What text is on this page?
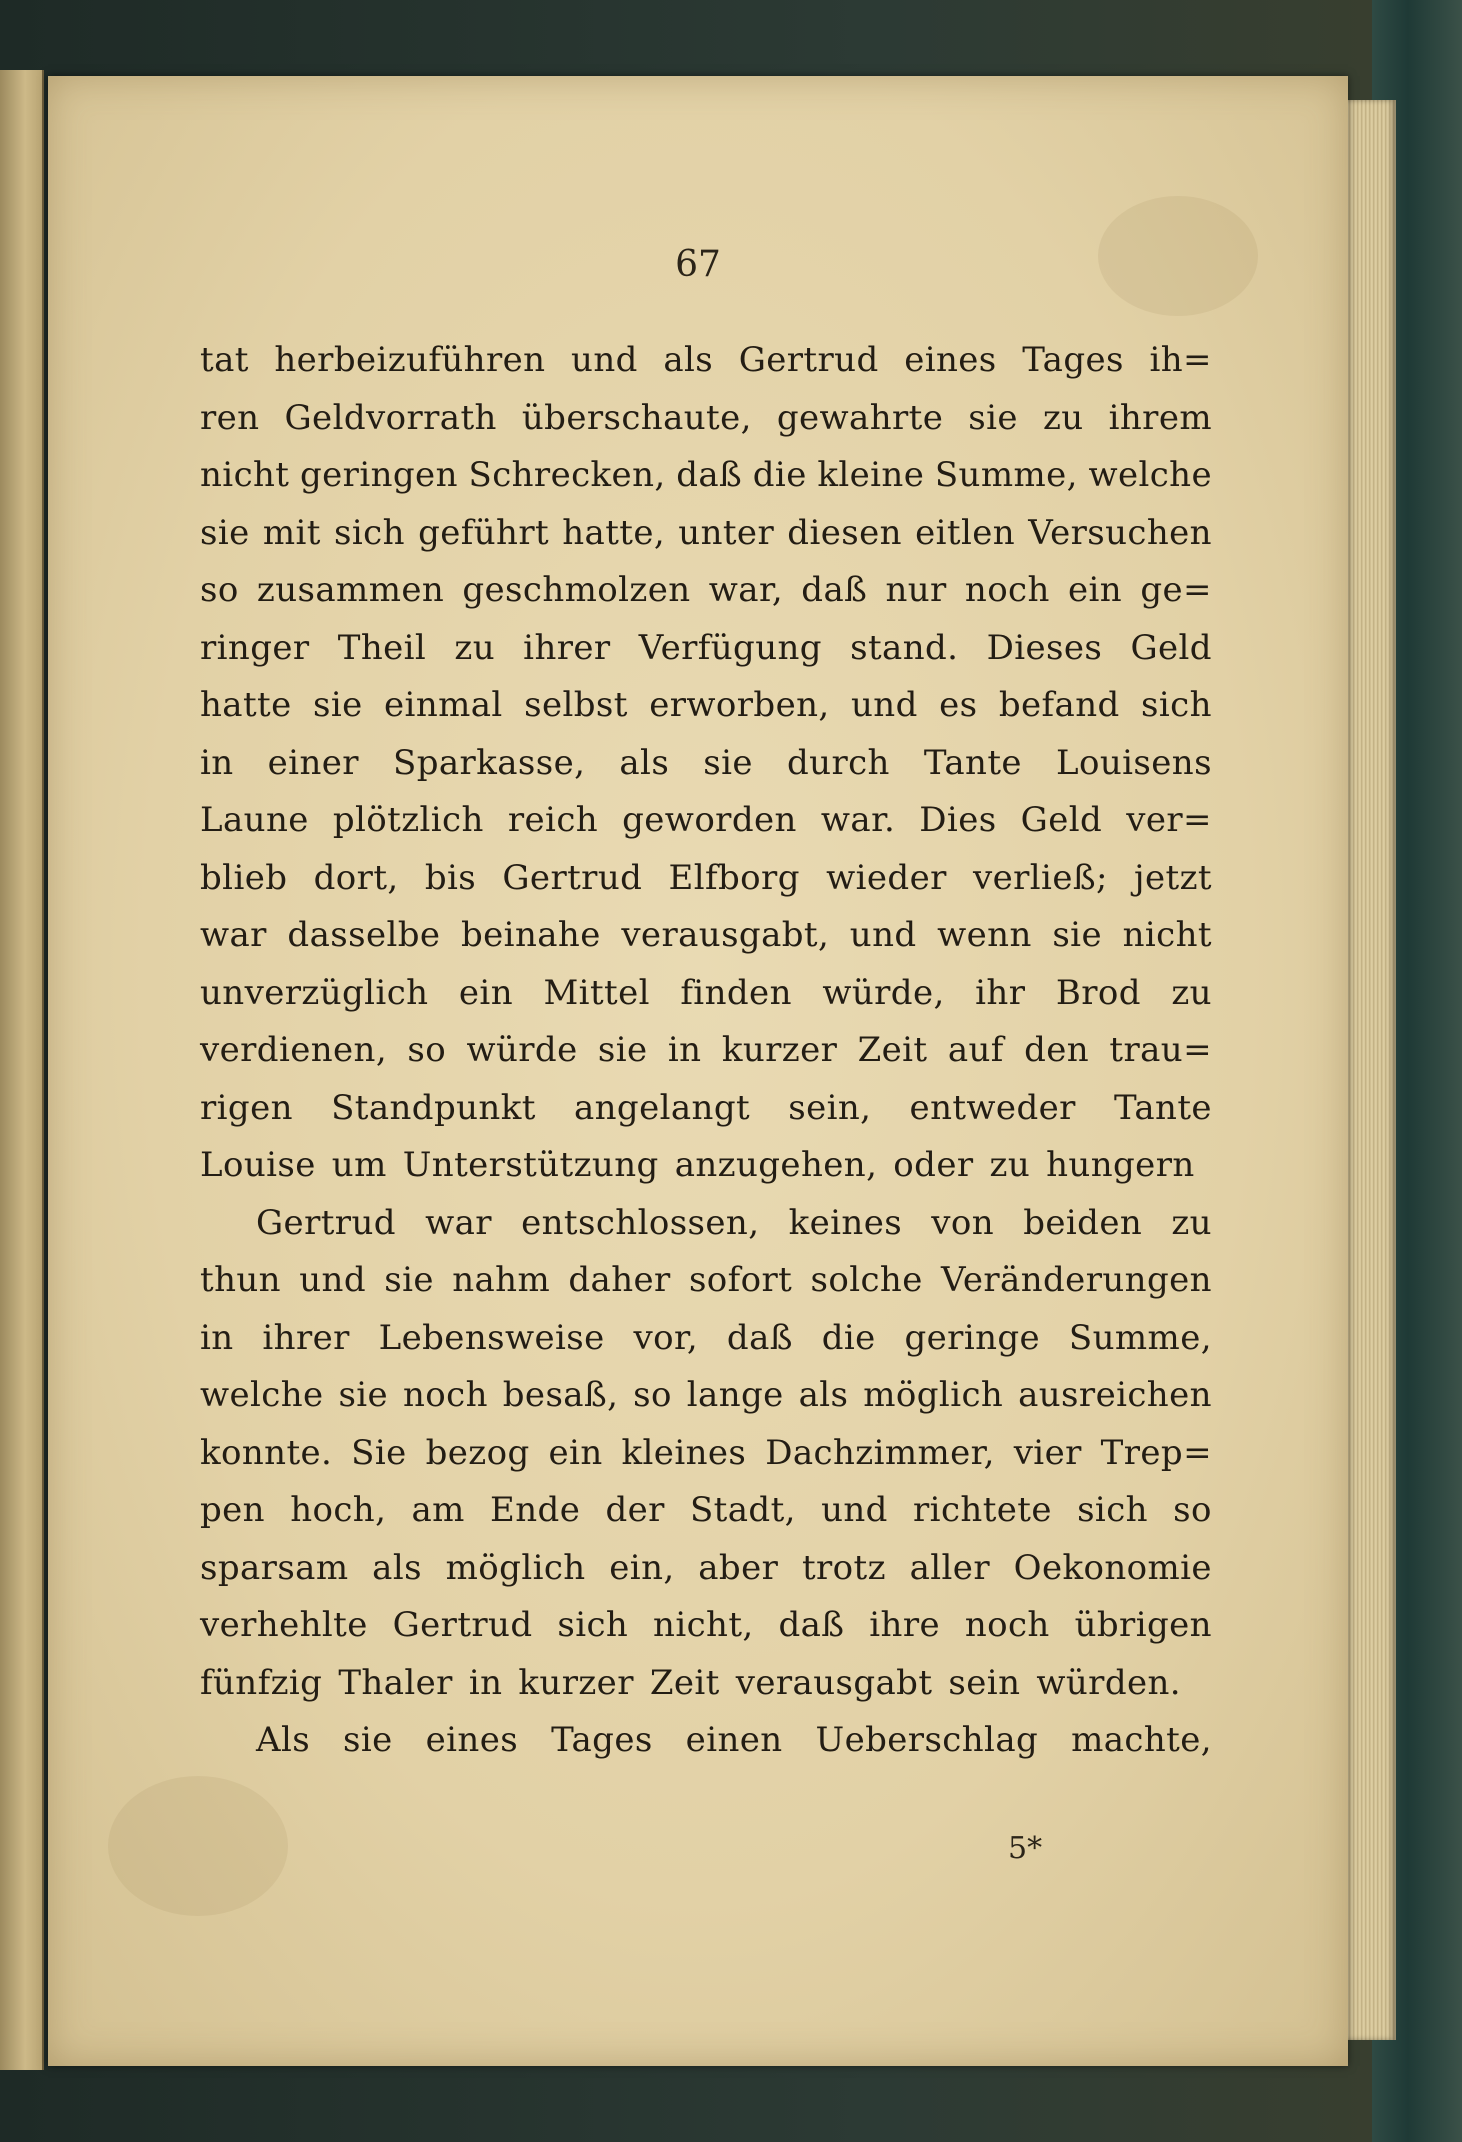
67
tat herbeizuführen und als Gertrud eines Tages ih=
ren Geldvorrath überschaute, gewahrte sie zu ihrem
nicht geringen Schrecken, daß die kleine Summe, welche
sie mit sich geführt hatte, unter diesen eitlen Versuchen
so zusammen geschmolzen war, daß nur noch ein ge=
ringer Theil zu ihrer Verfügung stand. Dieses Geld
hatte sie einmal selbst erworben, und es befand sich
in einer Sparkasse, als sie durch Tante Louisens
Laune plötzlich reich geworden war. Dies Geld ver=
blieb dort, bis Gertrud Elfborg wieder verließ; jetzt
war dasselbe beinahe verausgabt, und wenn sie nicht
unverzüglich ein Mittel finden würde, ihr Brod zu
verdienen, so würde sie in kurzer Zeit auf den trau=
rigen Standpunkt angelangt sein, entweder Tante
Louise um Unterstützung anzugehen, oder zu hungern
Gertrud war entschlossen, keines von beiden zu
thun und sie nahm daher sofort solche Veränderungen
in ihrer Lebensweise vor, daß die geringe Summe,
welche sie noch besaß, so lange als möglich ausreichen
konnte. Sie bezog ein kleines Dachzimmer, vier Trep=
pen hoch, am Ende der Stadt, und richtete sich so
sparsam als möglich ein, aber trotz aller Oekonomie
verhehlte Gertrud sich nicht, daß ihre noch übrigen
fünfzig Thaler in kurzer Zeit verausgabt sein würden.
Als sie eines Tages einen Ueberschlag machte,
5*
